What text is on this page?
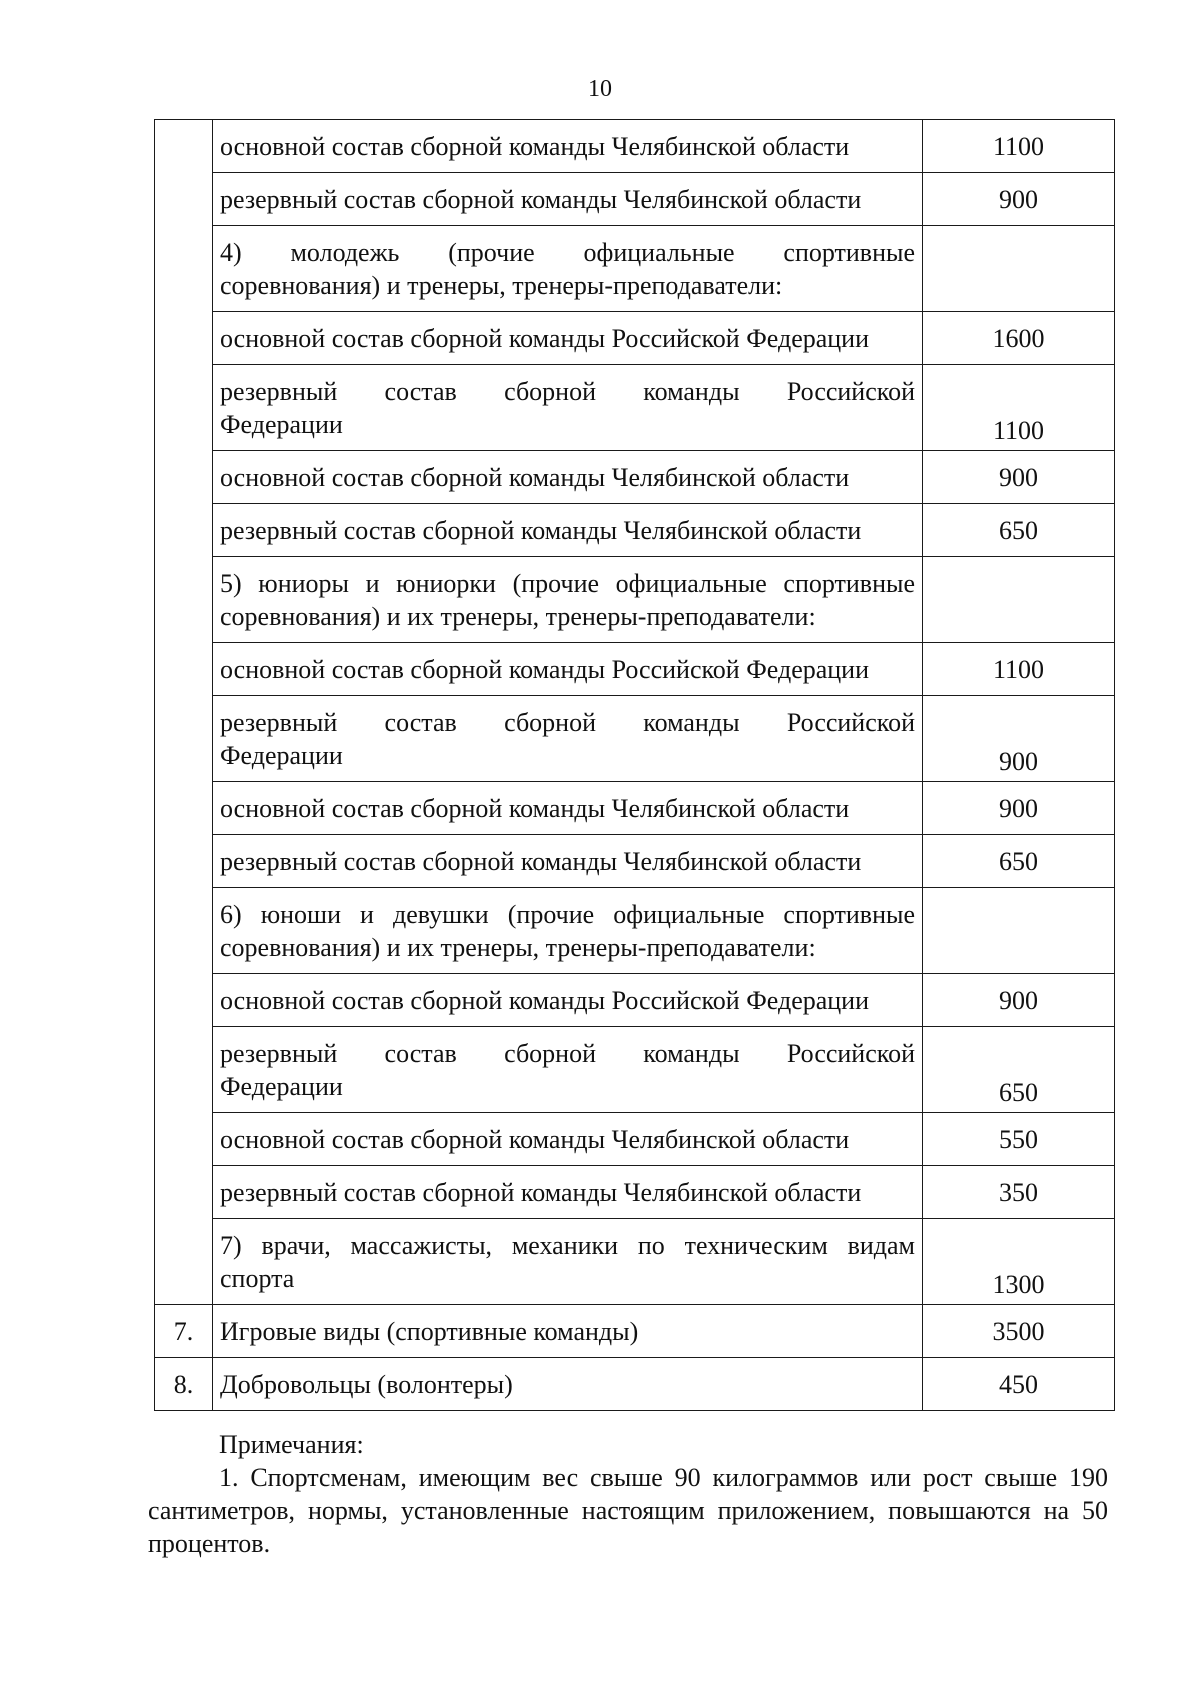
10
	основной состав сборной команды Челябинской области	1100
	резервный состав сборной команды Челябинской области	900

	4) молодежь (прочие официальные спортивные
соревнования) и тренеры, тренеры-преподаватели:	

	основной состав сборной команды Российской Федерации	1600

	резервный состав сборной команды Российской
Федерации	1100
	основной состав сборной команды Челябинской области	900
	резервный состав сборной команды Челябинской области	650

	5) юниоры и юниорки (прочие официальные спортивные
соревнования) и их тренеры, тренеры-преподаватели:	

	основной состав сборной команды Российской Федерации	1100

	резервный состав сборной команды Российской
Федерации	900
	основной состав сборной команды Челябинской области	900
	резервный состав сборной команды Челябинской области	650

	6) юноши и девушки (прочие официальные спортивные
соревнования) и их тренеры, тренеры-преподаватели:	

	основной состав сборной команды Российской Федерации	900

	резервный состав сборной команды Российской
Федерации	650
	основной состав сборной команды Челябинской области	550
	резервный состав сборной команды Челябинской области	350

	7) врачи, массажисты, механики по техническим видам
спорта	1300
7.	Игровые виды (спортивные команды)	3500
8.	Добровольцы (волонтеры)	450
Примечания:
1. Спортсменам, имеющим вес свыше 90 килограммов или рост свыше 190 сантиметров, нормы, установленные настоящим приложением, повышаются на 50 процентов.
